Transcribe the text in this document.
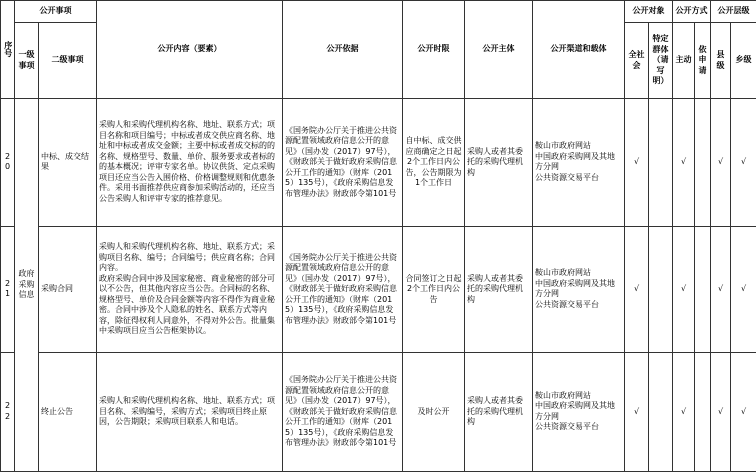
序号	公开事项		公开内容（要素）	公开依据	公开时限	公开主体	公开渠道和载体	公开对象		公开方式		公开层级	
	一级事项	二级事项						全社会	特定群体（请写明）	主动	依申请	县级	乡级

20	政府采购信息	中标、成交结果	采购人和采购代理机构名称、地址、联系方式；项目名称和项目编号；中标或者成交供应商名称、地址和中标或者成交金额；主要中标或者成交标的的名称、规格型号、数量、单价、服务要求或者标的的基本概况；评审专家名单。协议供货、定点采购项目还应当公告入围价格、价格调整规则和优惠条件。采用书面推荐供应商参加采购活动的，还应当公告采购人和评审专家的推荐意见。	《国务院办公厅关于推进公共资源配置领域政府信息公开的意见》（国办发（2017）97号），《财政部关于做好政府采购信息公开工作的通知》（财库（2015）135号），《政府采购信息发布管理办法》财政部令第101号	自中标、成交供应商确定之日起2个工作日内公告，公告期限为1个工作日	采购人或者其委托的采购代理机构	鞍山市政府网站
中国政府采购网及其地方分网
公共资源交易平台	√		√		√	√
21		采购合同	采购人和采购代理机构名称、地址、联系方式；采购项目名称、编号；合同编号；供应商名称；合同内容。
政府采购合同中涉及国家秘密、商业秘密的部分可以不公告，但其他内容应当公告。合同标的名称、规格型号、单价及合同金额等内容不得作为商业秘密。合同中涉及个人隐私的姓名、联系方式等内容，除征得权利人同意外，不得对外公告。批量集中采购项目应当公告框架协议。	《国务院办公厅关于推进公共资源配置领域政府信息公开的意见》（国办发（2017）97号），《财政部关于做好政府采购信息公开工作的通知》（财库（2015）135号），《政府采购信息发布管理办法》财政部令第101号	合同签订之日起2个工作日内公告	采购人或者其委托的采购代理机构	鞍山市政府网站
中国政府采购网及其地方分网
公共资源交易平台	√		√		√	√
22		终止公告	采购人和采购代理机构名称、地址、联系方式；项目名称、采购编号，采购方式；采购项目终止原因，公告期限；采购项目联系人和电话。	《国务院办公厅关于推进公共资源配置领域政府信息公开的意见》（国办发（2017）97号），《财政部关于做好政府采购信息公开工作的通知》（财库（2015）135号），《政府采购信息发布管理办法》财政部令第101号	及时公开	采购人或者其委托的采购代理机构	鞍山市政府网站
中国政府采购网及其地方分网
公共资源交易平台	√		√		√	√
